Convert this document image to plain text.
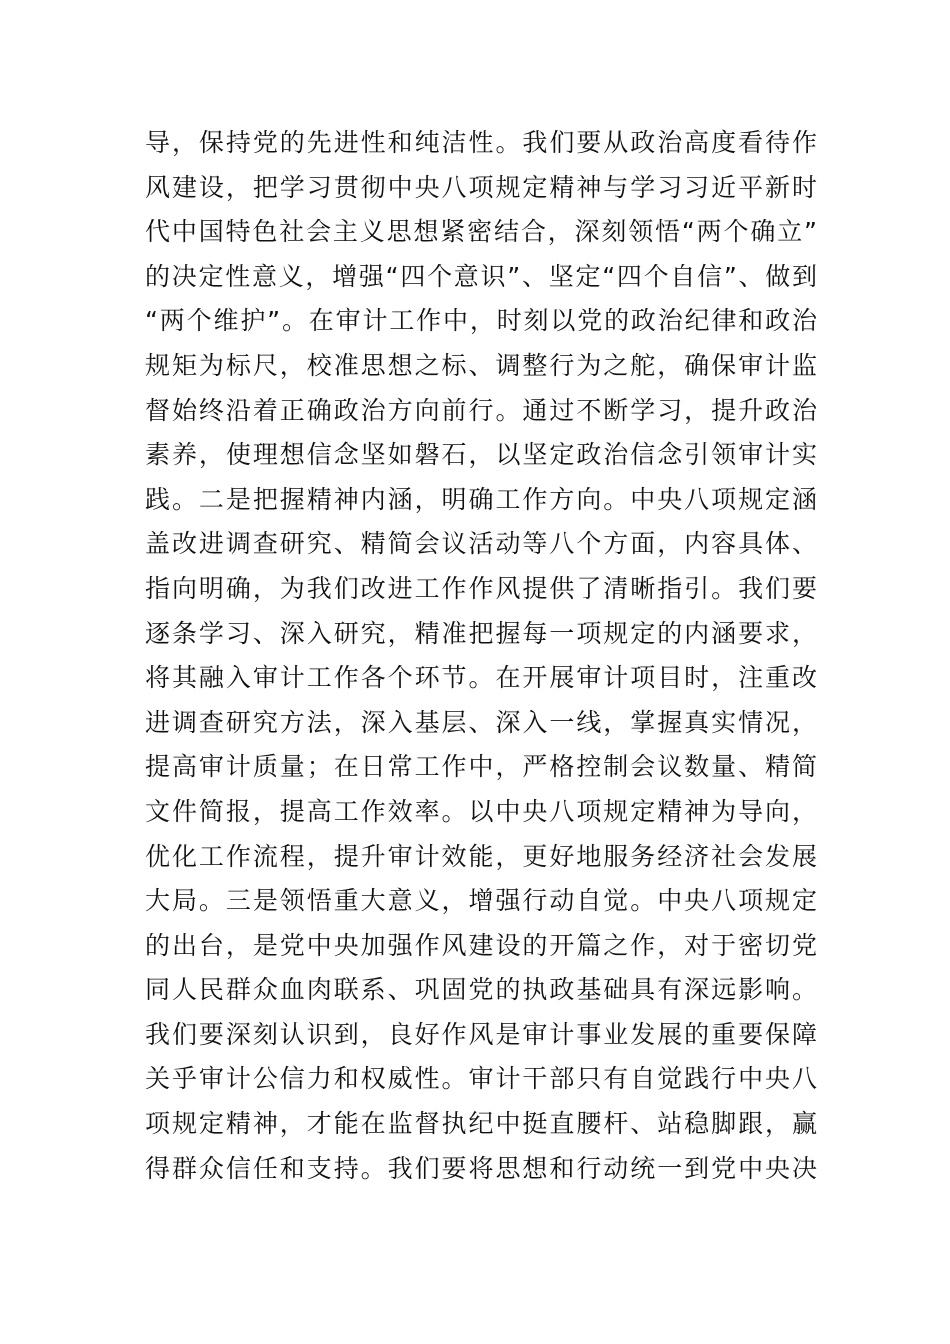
导，保持党的先进性和纯洁性。我们要从政治高度看待作
风建设，把学习贯彻中央八项规定精神与学习习近平新时
代中国特色社会主义思想紧密结合，深刻领悟“两个确立”
的决定性意义，增强“四个意识”、坚定“四个自信”、做到
“两个维护”。在审计工作中，时刻以党的政治纪律和政治
规矩为标尺，校准思想之标、调整行为之舵，确保审计监
督始终沿着正确政治方向前行。通过不断学习，提升政治
素养，使理想信念坚如磐石，以坚定政治信念引领审计实
践。二是把握精神内涵，明确工作方向。中央八项规定涵
盖改进调查研究、精简会议活动等八个方面，内容具体、
指向明确，为我们改进工作作风提供了清晰指引。我们要
逐条学习、深入研究，精准把握每一项规定的内涵要求，
将其融入审计工作各个环节。在开展审计项目时，注重改
进调查研究方法，深入基层、深入一线，掌握真实情况，
提高审计质量；在日常工作中，严格控制会议数量、精简
文件简报，提高工作效率。以中央八项规定精神为导向，
优化工作流程，提升审计效能，更好地服务经济社会发展
大局。三是领悟重大意义，增强行动自觉。中央八项规定
的出台，是党中央加强作风建设的开篇之作，对于密切党
同人民群众血肉联系、巩固党的执政基础具有深远影响。
我们要深刻认识到，良好作风是审计事业发展的重要保障
关乎审计公信力和权威性。审计干部只有自觉践行中央八
项规定精神，才能在监督执纪中挺直腰杆、站稳脚跟，赢
得群众信任和支持。我们要将思想和行动统一到党中央决
